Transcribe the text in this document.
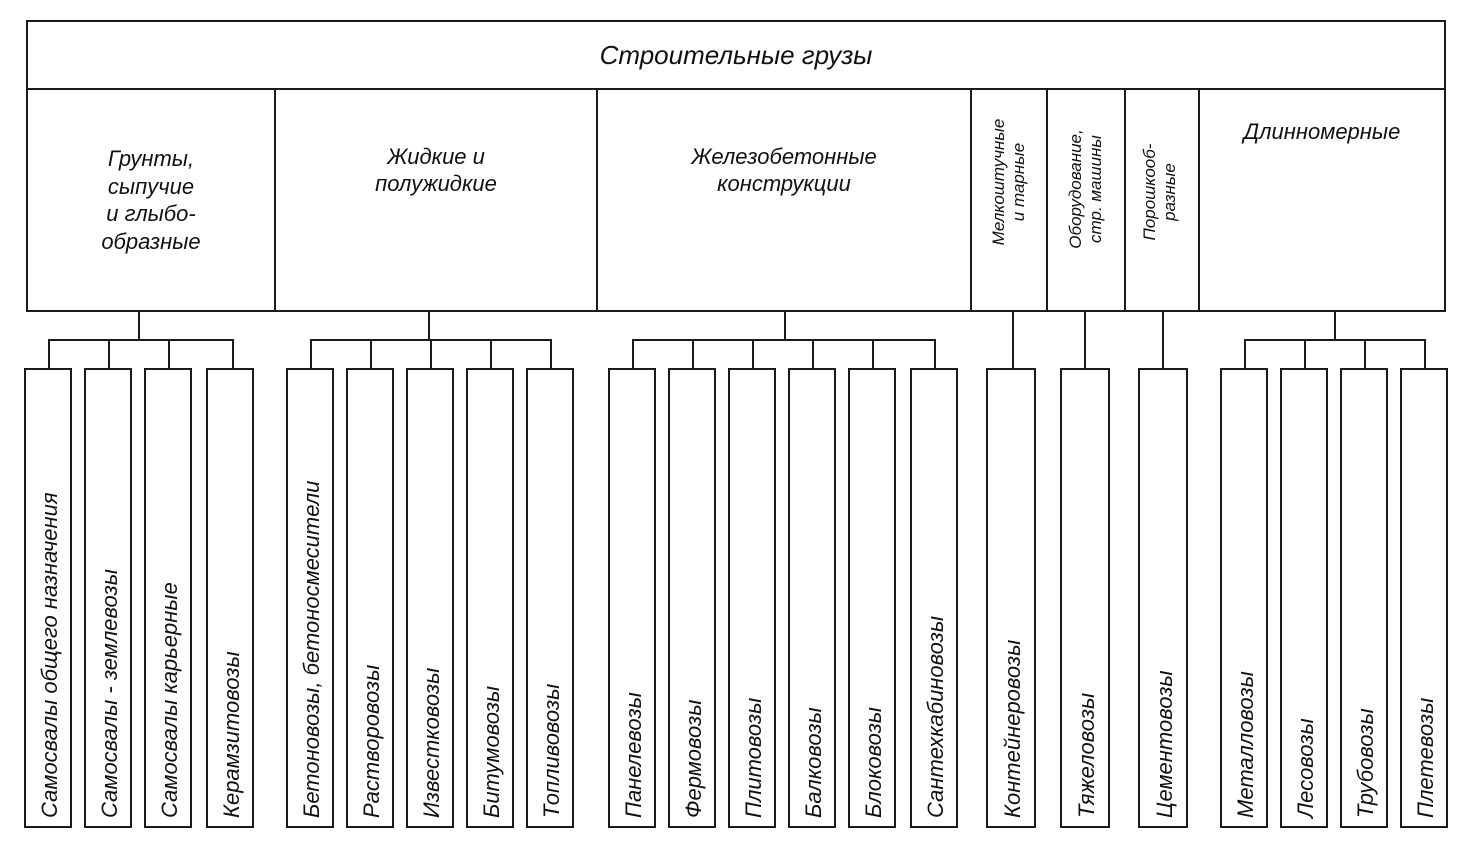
Строительные грузы
Грунты,
сыпучие
и глыбо-
образные
Жидкие и
полужидкие
Железобетонные
конструкции	Мелкоштучные
и тарные	Оборудование,
стр. машины	Порошкооб-
разные
Длинномерные
Самосвалы общего назначения Самосвалы - землевозы Самосвалы карьерные Керамзитовозы	Бетоновозы, бетоносмесители Растворовозы Известковозы Битумовозы Топливовозы	Панелевозы Фермовозы Плитовозы Балковозы Блоковозы Сантехкабиновозы Контейнеровозы Тяжеловозы Цементовозы	Металловозы Лесовозы Трубовозы Плетевозы
